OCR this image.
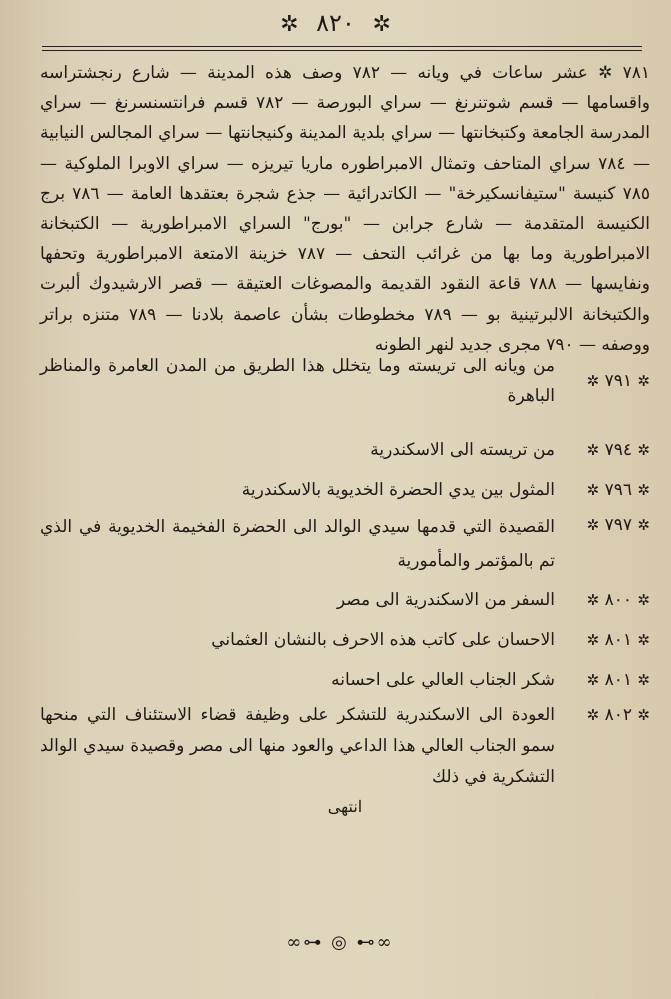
✲ ٨٢٠ ✲

٧٨١ ✲ عشر ساعات في ويانه — ٧٨٢ وصف هذه المدينة — شارع رنجشتراسه واقسامها — قسم شوتنرنغ — سراي البورصة — ٧٨٢ قسم فرانتسنسرنغ — سراي المدرسة الجامعة وكتبخانتها — سراي بلدية المدينة وكنيجانتها — سراي المجالس النيابية — ٧٨٤ سراي المتاحف وتمثال الامبراطوره ماريا تيريزه — سراي الاوبرا الملوكية — ٧٨٥ كنيسة "ستيفانسكيرخة" — الكاتدرائية — جذع شجرة بعتقدها العامة — ٧٨٦ برج الكنيسة المتقدمة — شارع جرابن — "بورج" السراي الامبراطورية — الكتبخانة الامبراطورية وما بها من غرائب التحف — ٧٨٧ خزينة الامتعة الامبراطورية وتحفها ونفايسها — ٧٨٨ قاعة النقود القديمة والمصوغات العتيقة — قصر الارشيدوك ألبرت والكتبخانة الالبرتينية بو — ٧٨٩ مخطوطات بشأن عاصمة بلادنا — ٧٨٩ متنزه براتر ووصفه — ٧٩٠ مجرى جديد لنهر الطونه

✲ ٧٩١ ✲
من ويانه الى تريسته وما يتخلل هذا الطريق من المدن العامرة والمناظر الباهرة
✲ ٧٩٤ ✲
من تريسته الى الاسكندرية
✲ ٧٩٦ ✲
المثول بين يدي الحضرة الخديوية بالاسكندرية
✲ ٧٩٧ ✲
القصيدة التي قدمها سيدي الوالد الى الحضرة الفخيمة الخديوية في الذي تم بالمؤتمر والمأمورية
✲ ٨٠٠ ✲
السفر من الاسكندرية الى مصر
✲ ٨٠١ ✲
الاحسان على كاتب هذه الاحرف بالنشان العثماني
✲ ٨٠١ ✲
شكر الجناب العالي على احسانه
✲ ٨٠٢ ✲
العودة الى الاسكندرية للتشكر على وظيفة قضاء الاستئناف التي منحها سمو الجناب العالي هذا الداعي والعود منها الى مصر وقصيدة سيدي الوالد التشكرية في ذلك
انتهى
∞⊶ ◎ ⊷∞
